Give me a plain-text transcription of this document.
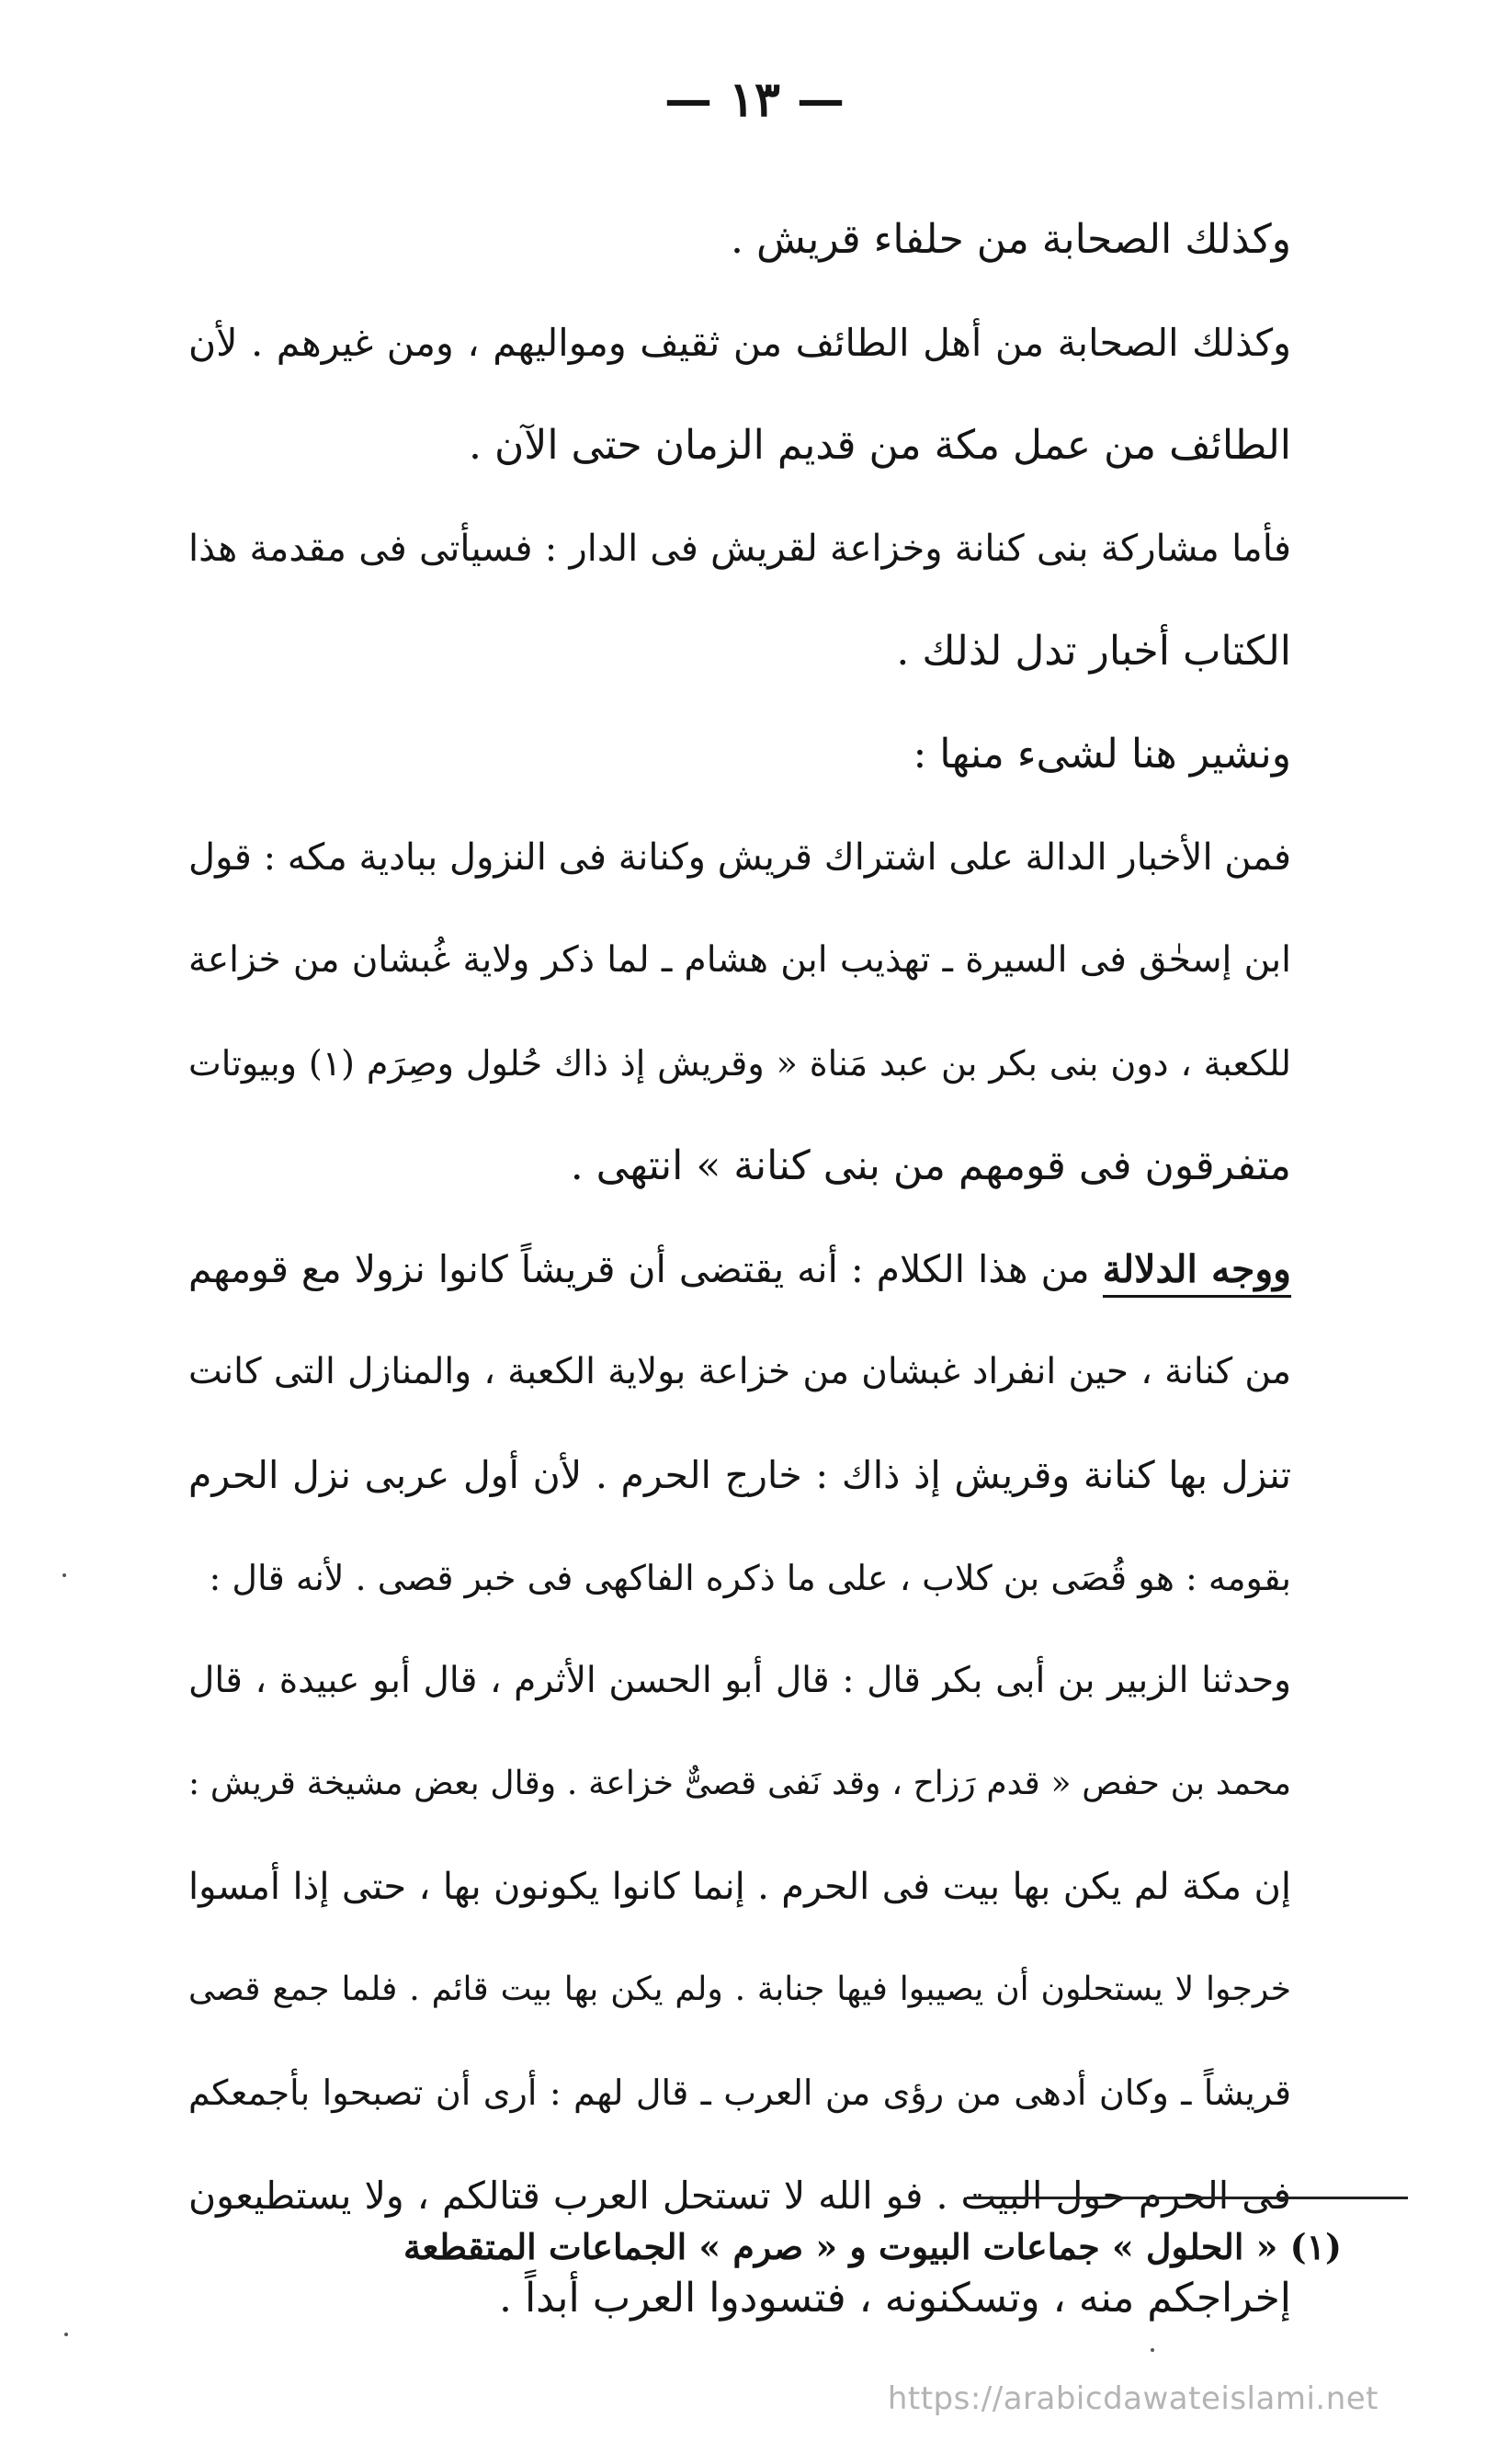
— ١٣ —
وكذلك الصحابة من حلفاء قريش .
وكذلك الصحابة من أهل الطائف من ثقيف ومواليهم ، ومن غيرهم . لأن
الطائف من عمل مكة من قديم الزمان حتى الآن .
فأما مشاركة بنى كنانة وخزاعة لقريش فى الدار : فسيأتى فى مقدمة هذا
الكتاب أخبار تدل لذلك .
ونشير هنا لشىء منها :
فمن الأخبار الدالة على اشتراك قريش وكنانة فى النزول ببادية مكه : قول
ابن إسحٰق فى السيرة ـ تهذيب ابن هشام ـ لما ذكر ولاية غُبشان من خزاعة
للكعبة ، دون بنى بكر بن عبد مَناة « وقريش إذ ذاك حُلول وصِرَم (١) وبيوتات
متفرقون فى قومهم من بنى كنانة » انتهى .
ووجه الدلالة من هذا الكلام : أنه يقتضى أن قريشاً كانوا نزولا مع قومهم
من كنانة ، حين انفراد غبشان من خزاعة بولاية الكعبة ، والمنازل التى كانت
تنزل بها كنانة وقريش إذ ذاك : خارج الحرم . لأن أول عربى نزل الحرم
بقومه : هو قُصَى بن كلاب ، على ما ذكره الفاكهى فى خبر قصى . لأنه قال :
وحدثنا الزبير بن أبى بكر قال : قال أبو الحسن الأثرم ، قال أبو عبيدة ، قال
محمد بن حفص « قدم رَزاح ، وقد نَفى قصىٌّ خزاعة . وقال بعض مشيخة قريش :
إن مكة لم يكن بها بيت فى الحرم . إنما كانوا يكونون بها ، حتى إذا أمسوا
خرجوا لا يستحلون أن يصيبوا فيها جنابة . ولم يكن بها بيت قائم . فلما جمع قصى
قريشاً ـ وكان أدهى من رؤى من العرب ـ قال لهم : أرى أن تصبحوا بأجمعكم
فى الحرم حول البيت . فو الله لا تستحل العرب قتالكم ، ولا يستطيعون
إخراجكم منه ، وتسكنونه ، فتسودوا العرب أبداً .
(١) « الحلول » جماعات البيوت و « صرم » الجماعات المتقطعة
https://arabicdawateislami.net
